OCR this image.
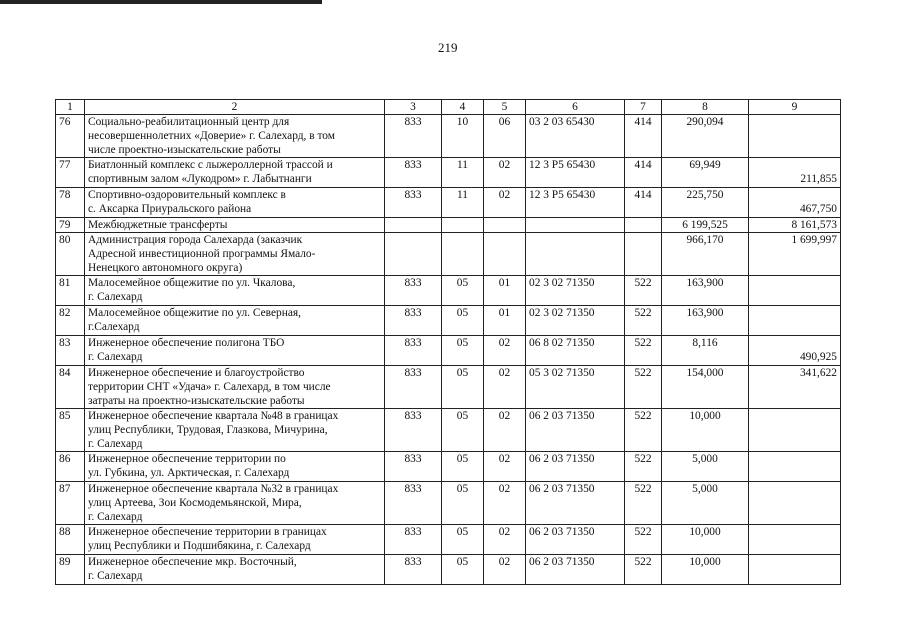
219
1	2	3	4	5	6	7	8	9
76	Социально-реабилитационный центр для
несовершеннолетних «Доверие» г. Салехард, в том
числе проектно-изыскательские работы	833	10	06	03 2 03 65430	414	290,094	

77	Биатлонный комплекс с лыжероллерной трассой и
спортивным залом «Лукодром» г. Лабытнанги	833	11	02	12 3 Р5 65430	414	69,949	211,855

78	Спортивно-оздоровительный комплекс в
с. Аксарка Приуральского района	833	11	02	12 3 Р5 65430	414	225,750	467,750

79	Межбюджетные трансферты						6 199,525	8 161,573

80	Администрация города Салехарда (заказчик
Адресной инвестиционной программы Ямало-
Ненецкого автономного округа)						966,170	1 699,997

81	Малосемейное общежитие по ул. Чкалова,
г. Салехард	833	05	01	02 3 02 71350	522	163,900	

82	Малосемейное общежитие по ул. Северная,
г.Салехард	833	05	01	02 3 02 71350	522	163,900	

83	Инженерное обеспечение полигона ТБО
г. Салехард	833	05	02	06 8 02 71350	522	8,116	490,925

84	Инженерное обеспечение и благоустройство
территории СНТ «Удача» г. Салехард, в том числе
затраты на проектно-изыскательские работы	833	05	02	05 3 02 71350	522	154,000	341,622

85	Инженерное обеспечение квартала №48 в границах
улиц Республики, Трудовая, Глазкова, Мичурина,
г. Салехард	833	05	02	06 2 03 71350	522	10,000	

86	Инженерное обеспечение территории по
ул. Губкина, ул. Арктическая, г. Салехард	833	05	02	06 2 03 71350	522	5,000	

87	Инженерное обеспечение квартала №32 в границах
улиц Артеева, Зои Космодемьянской, Мира,
г. Салехард	833	05	02	06 2 03 71350	522	5,000	

88	Инженерное обеспечение территории в границах
улиц Республики и Подшибякина, г. Салехард	833	05	02	06 2 03 71350	522	10,000	

89	Инженерное обеспечение мкр. Восточный,
г. Салехард	833	05	02	06 2 03 71350	522	10,000	
